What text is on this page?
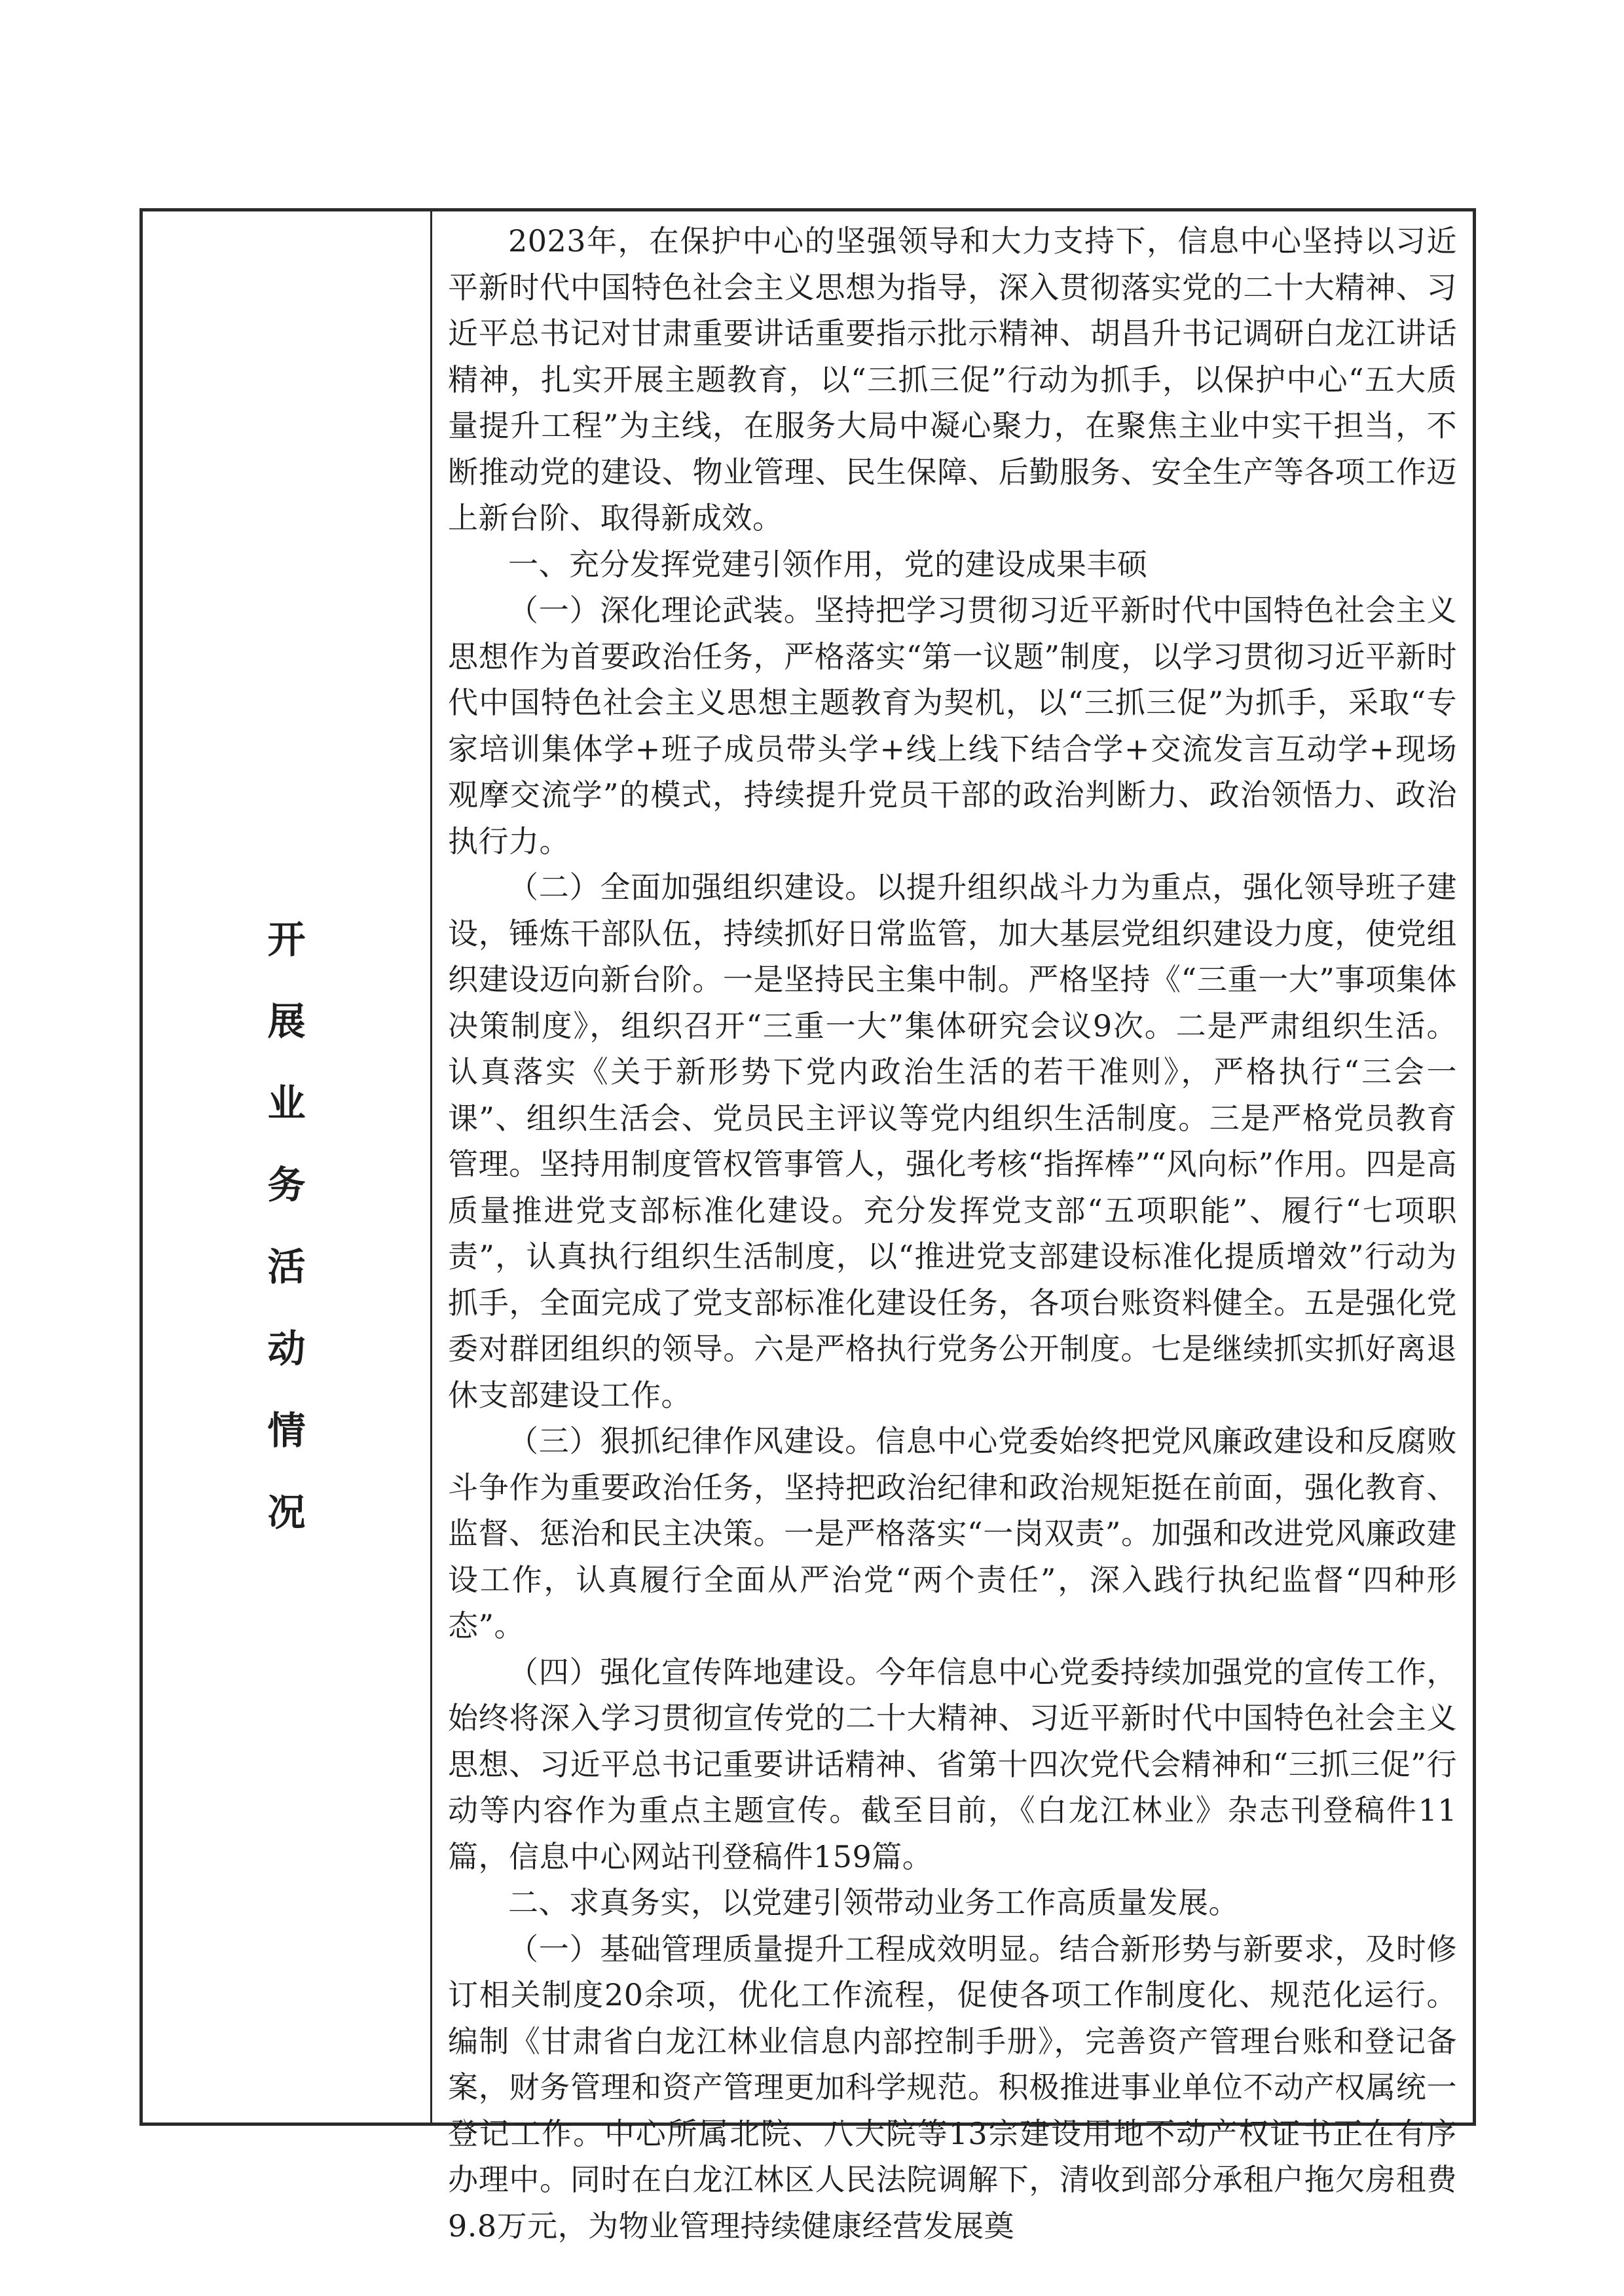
开
展
业
务
活
动
情
况

2023年，在保护中心的坚强领导和大力支持下，信息中心坚持以习近平新时代中国特色社会主义思想为指导，深入贯彻落实党的二十大精神、习近平总书记对甘肃重要讲话重要指示批示精神、胡昌升书记调研白龙江讲话精神，扎实开展主题教育，以“三抓三促”行动为抓手，以保护中心“五大质量提升工程”为主线，在服务大局中凝心聚力，在聚焦主业中实干担当，不断推动党的建设、物业管理、民生保障、后勤服务、安全生产等各项工作迈上新台阶、取得新成效。

一、充分发挥党建引领作用，党的建设成果丰硕

（一）深化理论武装。坚持把学习贯彻习近平新时代中国特色社会主义思想作为首要政治任务，严格落实“第一议题”制度，以学习贯彻习近平新时代中国特色社会主义思想主题教育为契机，以“三抓三促”为抓手，采取“专家培训集体学+班子成员带头学+线上线下结合学+交流发言互动学+现场观摩交流学”的模式，持续提升党员干部的政治判断力、政治领悟力、政治执行力。

（二）全面加强组织建设。以提升组织战斗力为重点，强化领导班子建设，锤炼干部队伍，持续抓好日常监管，加大基层党组织建设力度，使党组织建设迈向新台阶。一是坚持民主集中制。严格坚持《“三重一大”事项集体决策制度》，组织召开“三重一大”集体研究会议9次。二是严肃组织生活。认真落实《关于新形势下党内政治生活的若干准则》，严格执行“三会一课”、组织生活会、党员民主评议等党内组织生活制度。三是严格党员教育管理。坚持用制度管权管事管人，强化考核“指挥棒”“风向标”作用。四是高质量推进党支部标准化建设。充分发挥党支部“五项职能”、履行“七项职责”，认真执行组织生活制度，以“推进党支部建设标准化提质增效”行动为抓手，全面完成了党支部标准化建设任务，各项台账资料健全。五是强化党委对群团组织的领导。六是严格执行党务公开制度。七是继续抓实抓好离退休支部建设工作。

（三）狠抓纪律作风建设。信息中心党委始终把党风廉政建设和反腐败斗争作为重要政治任务，坚持把政治纪律和政治规矩挺在前面，强化教育、监督、惩治和民主决策。一是严格落实“一岗双责”。加强和改进党风廉政建设工作，认真履行全面从严治党“两个责任”，深入践行执纪监督“四种形态”。

（四）强化宣传阵地建设。今年信息中心党委持续加强党的宣传工作，始终将深入学习贯彻宣传党的二十大精神、习近平新时代中国特色社会主义思想、习近平总书记重要讲话精神、省第十四次党代会精神和“三抓三促”行动等内容作为重点主题宣传。截至目前，《白龙江林业》杂志刊登稿件11篇，信息中心网站刊登稿件159篇。

二、求真务实，以党建引领带动业务工作高质量发展。

（一）基础管理质量提升工程成效明显。结合新形势与新要求，及时修订相关制度20余项，优化工作流程，促使各项工作制度化、规范化运行。编制《甘肃省白龙江林业信息内部控制手册》，完善资产管理台账和登记备案，财务管理和资产管理更加科学规范。积极推进事业单位不动产权属统一登记工作。中心所属北院、八大院等13宗建设用地不动产权证书正在有序办理中。同时在白龙江林区人民法院调解下，清收到部分承租户拖欠房租费9.8万元，为物业管理持续健康经营发展奠
